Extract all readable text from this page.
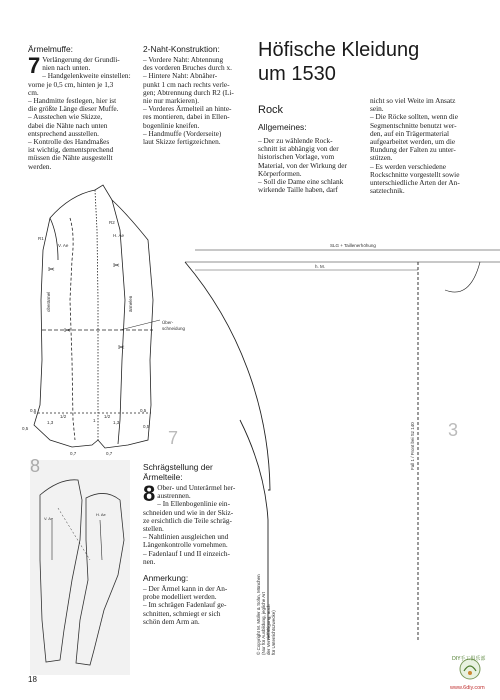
Ärmelmuffe:
7 Verlängerung der Grundli-
nien nach unten.
– Handgelenkweite einstellen:
vorne je 0,5 cm, hinten je 1,3
cm.
– Handmitte festlegen, hier ist
die größte Länge dieser Muffe.
– Ausstechen wie Skizze,
dabei die Nähte nach unten
entsprechend ausstellen.
– Kontrolle des Handmaßes
ist wichtig, dementsprechend
müssen die Nähte ausgestellt
werden.
2-Naht-Konstruktion:
– Vordere Naht: Abtennung
des vorderen Bruches durch x.
– Hintere Naht: Abnäher-
punkt 1 cm nach rechts verle-
gen; Abtrennung durch R2 (Li-
nie nur markieren).
– Vorderes Ärmelteil an hinte-
res montieren, dabei in Ellen-
bogenlinie kneifen.
– Handmuffe (Vorderseite)
laut Skizze fertigzeichnen.
Höfische Kleidung
um 1530
Rock
Allgemeines:
– Der zu wählende Rock-
schnitt ist abhängig von der
historischen Vorlage, vom
Material, von der Wirkung der
Körperformen.
– Soll die Dame eine schlank
wirkende Taille haben, darf
nicht so viel Weite im Ansatz
sein.
– Die Röcke sollten, wenn die
Segmentschnitte benutzt wer-
den, auf ein Trägermaterial
aufgearbeitet werden, um die
Rundung der Falten zu unter-
stützen.
– Es werden verschiedene
Rockschnitte vorgestellt sowie
unterschiedliche Arten der An-
satztechnik.
Schrägstellung der Ärmelteile:
8 Ober- und Unterärmel her-
austrennen.
– In Ellenbogenlinie ein-
schneiden und wie in der Skiz-
ze ersichtlich die Teile schräg-
stellen.
– Nahtlinien ausgleichen und
Längenkontrolle vornehmen.
– Fadenlauf I und II einzeich-
nen.
Anmerkung:
– Der Ärmel kann in der An-
probe modelliert werden.
– Im schrägen Fadenlauf ge-
schnitten, schmiegt er sich
schön dem Arm an.
✂	✂
✂
✂
R1
R2
V. Ae
H. Ae
Über-
schneidung
0,5	0,5
1/2	1/2
1,3	1,3
0,5	0,5
0,7	0,7
1
oberärmel	ärmelen
V. Ae
H. Ae
SLG + Taillenerhöhung
h. M.
Fall 1 / Front bei Sz 140
7
8
3
© Copyright M. Müller & Sohn, München (Nur für Ausbildung, jegliche Art der Vervielfältigung, auch für Unterrichtszwecke)
18
DIY手工俱乐部
www.6diy.com
